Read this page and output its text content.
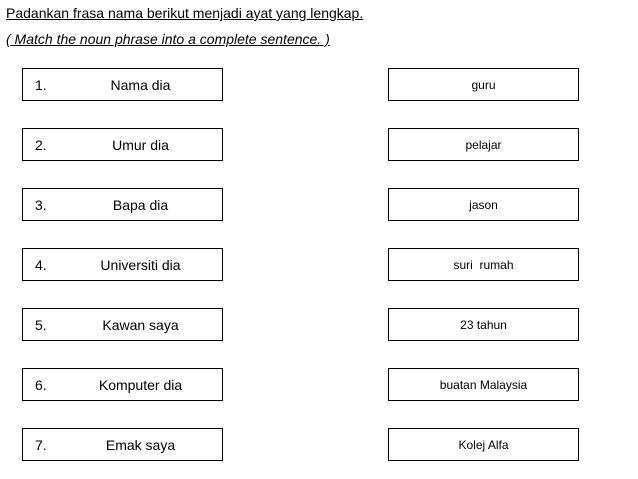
Padankan frasa nama berikut menjadi ayat yang lengkap.
( Match the noun phrase into a complete sentence. )
1.	Nama dia
2.	Umur dia
3.	Bapa dia
4.	Universiti dia
5.	Kawan saya
6.	Komputer dia
7.	Emak saya
guru
pelajar
jason
suri  rumah
23 tahun
buatan Malaysia
Kolej Alfa
